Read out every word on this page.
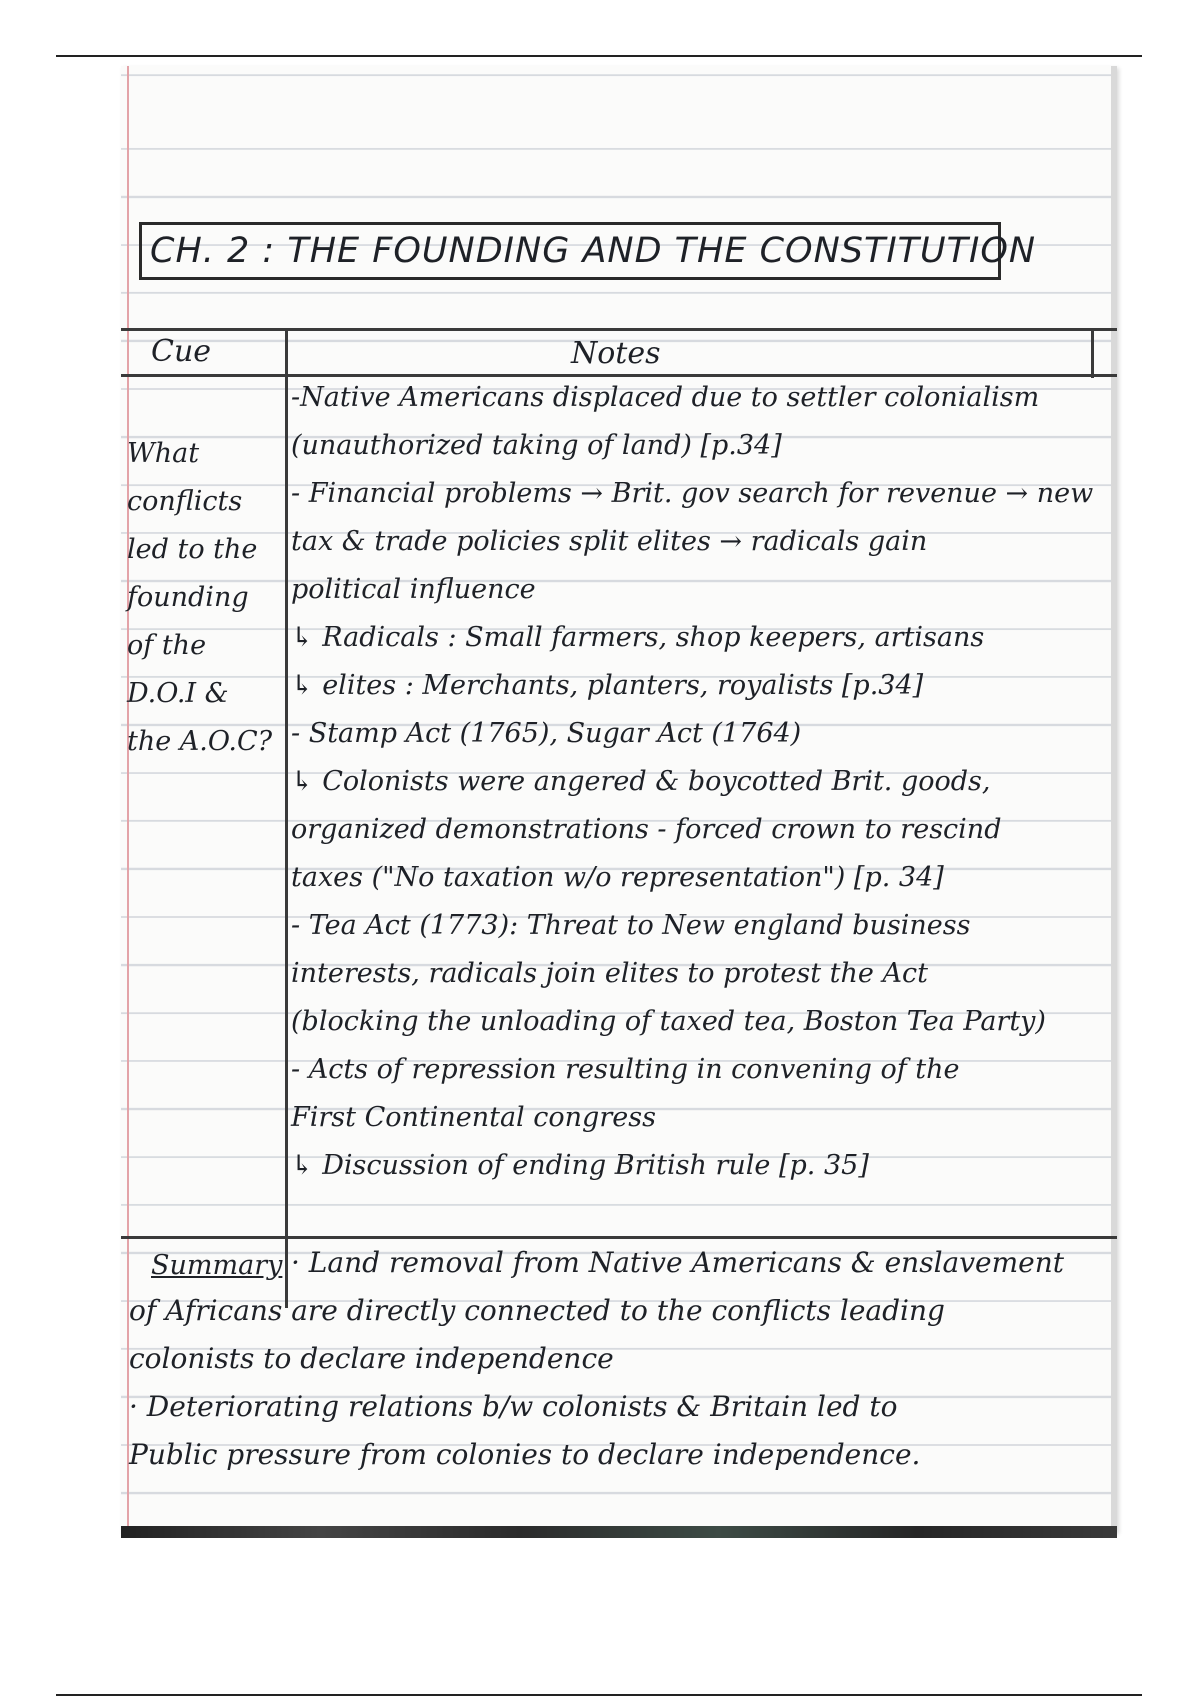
CH. 2 : THE FOUNDING AND THE CONSTITUTION
Cue	Notes
What
conflicts
led to the
founding
of the
D.O.I &
the A.O.C?
-Native Americans displaced due to settler colonialism
(unauthorized taking of land) [p.34]
- Financial problems → Brit. gov search for revenue → new
tax & trade policies split elites → radicals gain
political influence
↳ Radicals : Small farmers, shop keepers, artisans
↳ elites : Merchants, planters, royalists [p.34]
- Stamp Act (1765), Sugar Act (1764)
↳ Colonists were angered & boycotted Brit. goods,
organized demonstrations - forced crown to rescind
taxes ("No taxation w/o representation") [p. 34]
- Tea Act (1773): Threat to New england business
interests, radicals join elites to protest the Act
(blocking the unloading of taxed tea, Boston Tea Party)
- Acts of repression resulting in convening of the
First Continental congress
↳ Discussion of ending British rule [p. 35]
Summary · Land removal from Native Americans & enslavement
of Africans are directly connected to the conflicts leading
colonists to declare independence
· Deteriorating relations b/w colonists & Britain led to
Public pressure from colonies to declare independence.
